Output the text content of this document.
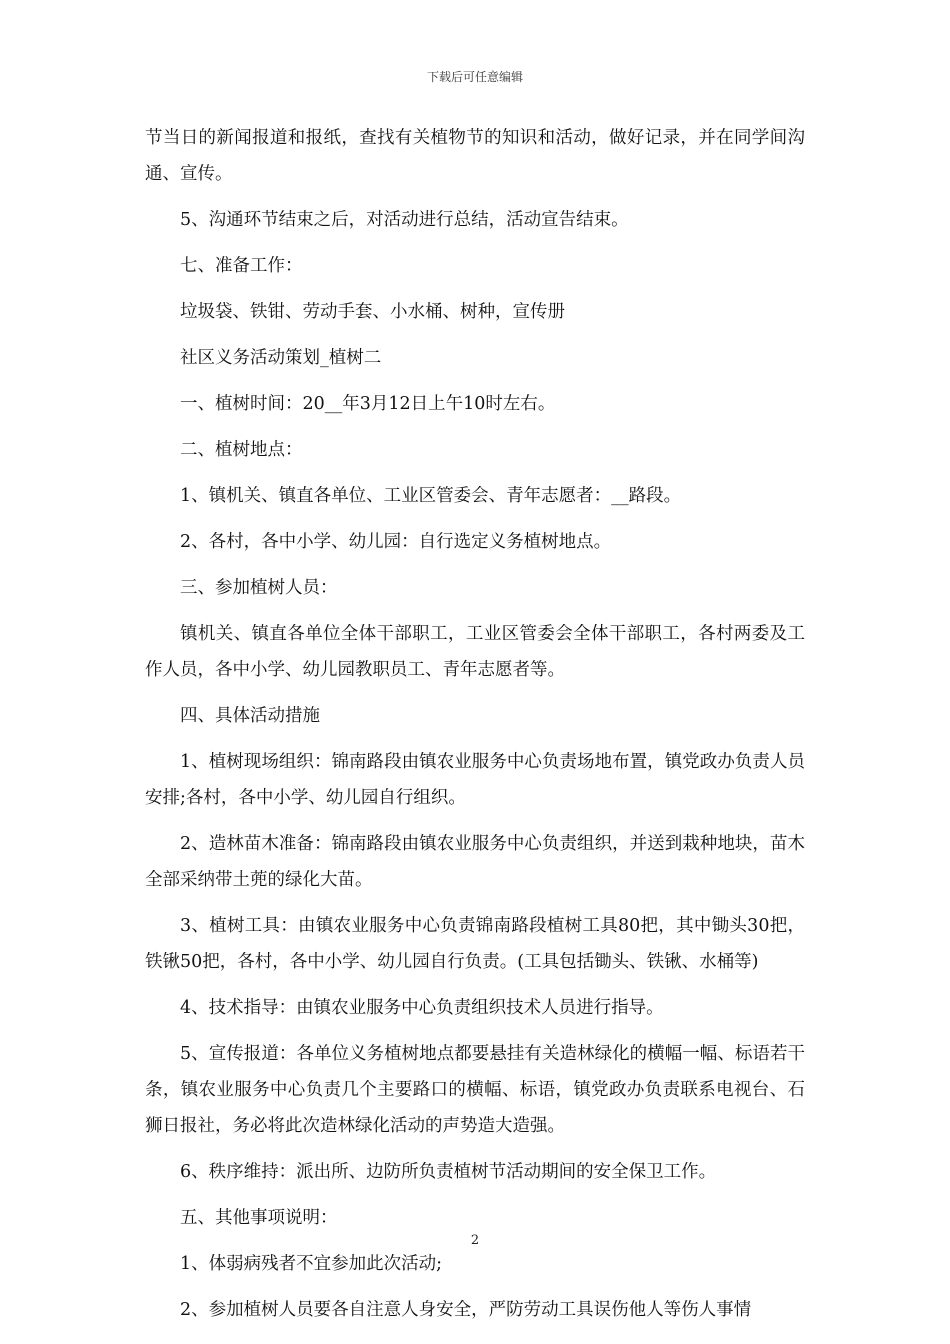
下载后可任意编辑

节当日的新闻报道和报纸，查找有关植物节的知识和活动，做好记录，并在同学间沟通、宣传。

5、沟通环节结束之后，对活动进行总结，活动宣告结束。

七、准备工作：

垃圾袋、铁钳、劳动手套、小水桶、树种，宣传册

社区义务活动策划_植树二

一、植树时间：20__年3月12日上午10时左右。

二、植树地点：

1、镇机关、镇直各单位、工业区管委会、青年志愿者：__路段。

2、各村，各中小学、幼儿园：自行选定义务植树地点。

三、参加植树人员：

镇机关、镇直各单位全体干部职工，工业区管委会全体干部职工，各村两委及工作人员，各中小学、幼儿园教职员工、青年志愿者等。

四、具体活动措施

1、植树现场组织：锦南路段由镇农业服务中心负责场地布置，镇党政办负责人员安排;各村，各中小学、幼儿园自行组织。

2、造林苗木准备：锦南路段由镇农业服务中心负责组织，并送到栽种地块，苗木全部采纳带土蔸的绿化大苗。

3、植树工具：由镇农业服务中心负责锦南路段植树工具80把，其中锄头30把，铁锹50把，各村，各中小学、幼儿园自行负责。(工具包括锄头、铁锹、水桶等)

4、技术指导：由镇农业服务中心负责组织技术人员进行指导。

5、宣传报道：各单位义务植树地点都要悬挂有关造林绿化的横幅一幅、标语若干条，镇农业服务中心负责几个主要路口的横幅、标语，镇党政办负责联系电视台、石狮日报社，务必将此次造林绿化活动的声势造大造强。

6、秩序维持：派出所、边防所负责植树节活动期间的安全保卫工作。

五、其他事项说明：

1、体弱病残者不宜参加此次活动;

2、参加植树人员要各自注意人身安全，严防劳动工具误伤他人等伤人事情

2
